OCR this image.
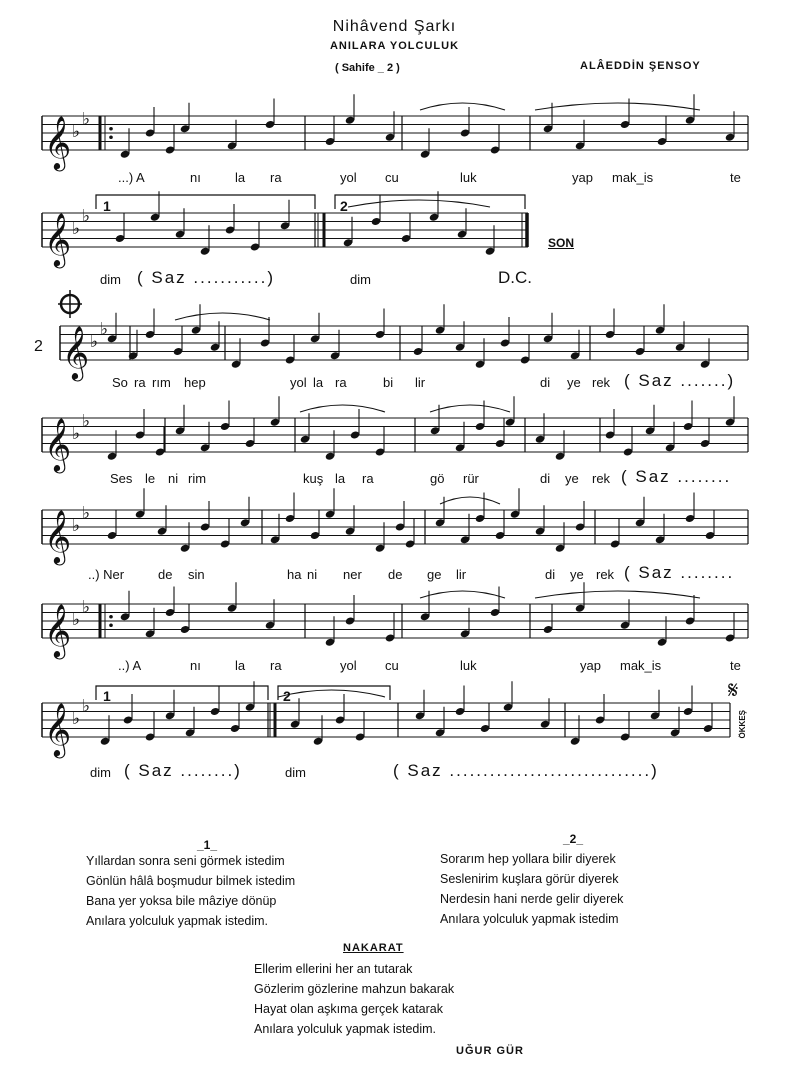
Nihâvend Şarkı
ANILARA YOLCULUK
( Sahife _ 2 )	ALÂEDDİN ŞENSOY
𝄞 ♭
♭
𝄞 ♭
♭
𝄞 ♭
♭
𝄞 ♭
♭
𝄞 ♭
♭
𝄞 ♭
♭
𝄞 ♭
♭
𝄋
...) A	nı	la ra	yol cu	luk	yap mak_is	te
dim ( Saz ...........)	dim	D.C.
SON
1	2
2
So ra rım hep	yol la ra	bi lir	di ye rek ( Saz .......)
Ses le ni rim	kuş la ra	gö rür	di ye rek ( Saz ........
..) Ner	de sin	ha ni ner de ge lir	di ye rek ( Saz ........
..) A	nı	la ra	yol cu	luk	yap mak_is	te
1	2
dim ( Saz ........)	dim	( Saz ..............................)
ÖKKEŞ
_1_
Yıllardan sonra seni görmek istedim
Gönlün hâlâ boşmudur bilmek istedim
Bana yer yoksa bile mâziye dönüp
Anılara yolculuk yapmak istedim.
_2_
Sorarım hep yollara bilir diyerek
Seslenirim kuşlara görür diyerek
Nerdesin hani nerde gelir diyerek
Anılara yolculuk yapmak istedim
NAKARAT
Ellerim ellerini her an tutarak
Gözlerim gözlerine mahzun bakarak
Hayat olan aşkıma gerçek katarak
Anılara yolculuk yapmak istedim.
UĞUR GÜR
